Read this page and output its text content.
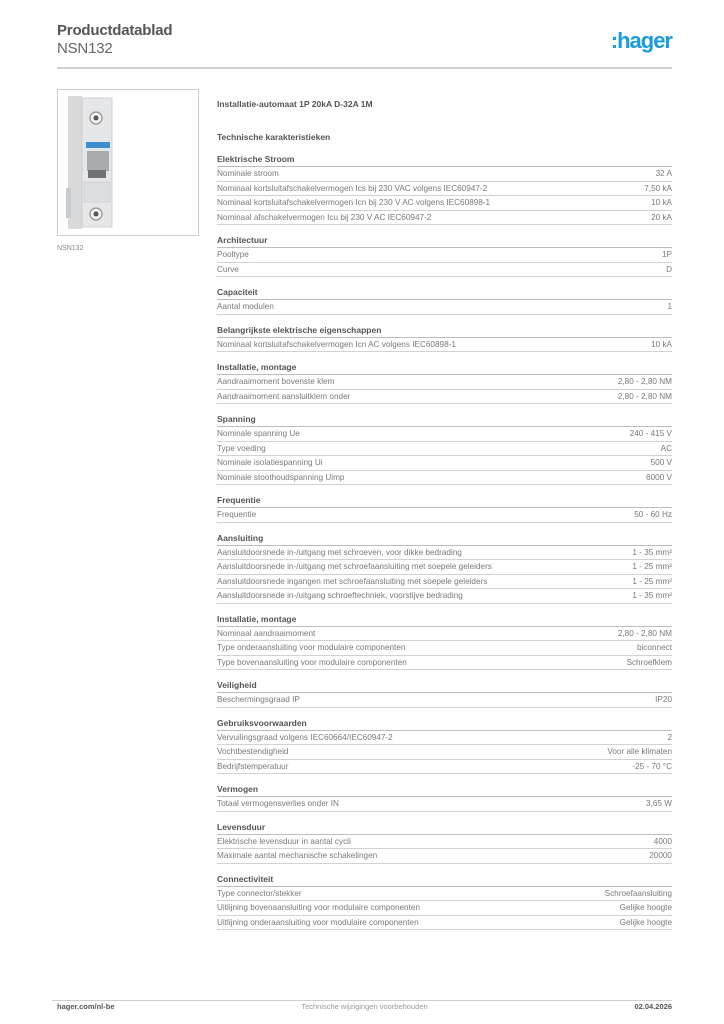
Productdatablad
NSN132	:hager
NSN132
Installatie-automaat 1P 20kA D-32A 1M
Technische karakteristieken
Elektrische Stroom
Nominale stroom	32 A
Nominaal kortsluitafschakelvermogen Ics bij 230 VAC volgens IEC60947-2	7,50 kA
Nominaal kortsluitafschakelvermogen Icn bij 230 V AC volgens IEC60898-1	10 kA
Nominaal afschakelvermogen Icu bij 230 V AC IEC60947-2	20 kA
Architectuur
Pooltype	1P
Curve	D
Capaciteit
Aantal modulen	1
Belangrijkste elektrische eigenschappen
Nominaal kortsluitafschakelvermogen Icn AC volgens IEC60898-1	10 kA
Installatie, montage
Aandraaimoment bovenste klem	2,80 - 2,80 NM
Aandraaimoment aansluitklem onder	2,80 - 2,80 NM
Spanning
Nominale spanning Ue	240 - 415 V
Type voeding	AC
Nominale isolatiespanning Ui	500 V
Nominale stoothoudspanning Uimp	6000 V
Frequentie
Frequentie	50 - 60 Hz
Aansluiting
Aansluitdoorsnede in-/uitgang met schroeven, voor dikke bedrading	1 - 35 mm²
Aansluitdoorsnede in-/uitgang met schroefaansluiting met soepele geleiders	1 - 25 mm²
Aansluitdoorsnede ingangen met schroefaansluiting met soepele geleiders	1 - 25 mm²
Aansluitdoorsnede in-/uitgang schroeftechniek, voorstijve bedrading	1 - 35 mm²
Installatie, montage
Nominaal aandraaimoment	2,80 - 2,80 NM
Type onderaansluiting voor modulaire componenten	biconnect
Type bovenaansluiting voor modulaire componenten	Schroefklem
Veiligheid
Beschermingsgraad IP	IP20
Gebruiksvoorwaarden
Vervuilingsgraad volgens IEC60664/IEC60947-2	2
Vochtbestendigheid	Voor alle klimaten
Bedrijfstemperatuur	-25 - 70 °C
Vermogen
Totaal vermogensverlies onder IN	3,65 W
Levensduur
Elektrische levensduur in aantal cycli	4000
Maximale aantal mechanische schakelingen	20000
Connectiviteit
Type connector/stekker	Schroefaansluiting
Uitlijning bovenaansluiting voor modulaire componenten	Gelijke hoogte
Uitlijning onderaansluiting voor modulaire componenten	Gelijke hoogte
Technische wijzigingen voorbehouden
hager.com/nl-be	02.04.2026
